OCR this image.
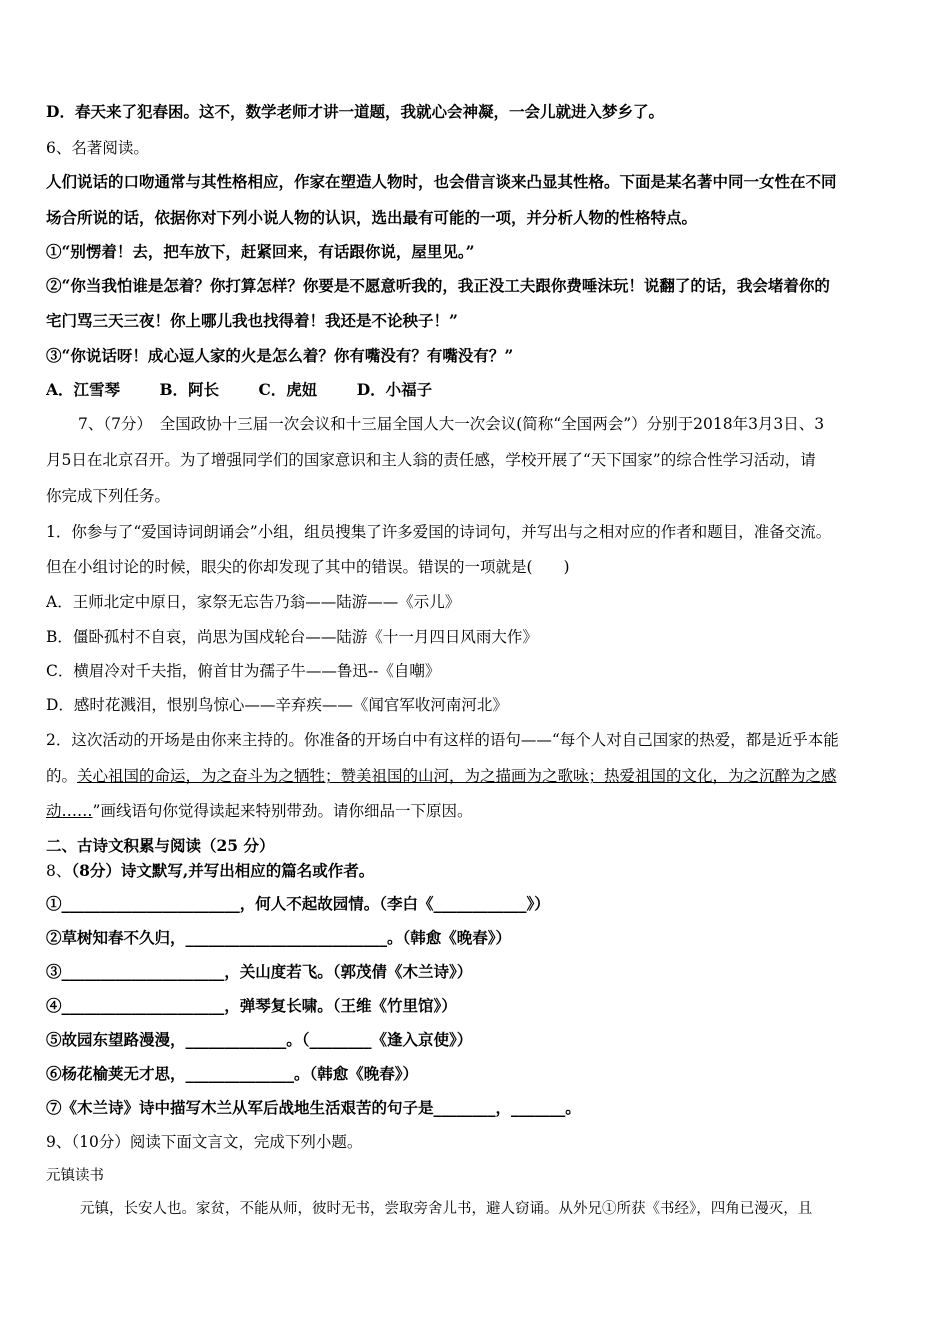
D．春天来了犯春困。这不，数学老师才讲一道题，我就心会神凝，一会儿就进入梦乡了。
6、名著阅读。
人们说话的口吻通常与其性格相应，作家在塑造人物时，也会借言谈来凸显其性格。下面是某名著中同一女性在不同
场合所说的话，依据你对下列小说人物的认识，选出最有可能的一项，并分析人物的性格特点。
①“别愣着！去，把车放下，赶紧回来，有话跟你说，屋里见。”
②“你当我怕谁是怎着？你打算怎样？你要是不愿意听我的，我正没工夫跟你费唾沫玩！说翻了的话，我会堵着你的
宅门骂三天三夜！你上哪儿我也找得着！我还是不论秧子！”
③“你说话呀！成心逗人家的火是怎么着？你有嘴没有？有嘴没有？”
A．江雪琴	B．阿长	C．虎妞	D．小福子
7、（7分）　全国政协十三届一次会议和十三届全国人大一次会议(简称“全国两会”）分别于2018年3月3日、3
月5日在北京召开。为了增强同学们的国家意识和主人翁的责任感，学校开展了“天下国家”的综合性学习活动，请
你完成下列任务。
1．你参与了“爱国诗词朗诵会”小组，组员搜集了许多爱国的诗词句，并写出与之相对应的作者和题目，准备交流。
但在小组讨论的时候，眼尖的你却发现了其中的错误。错误的一项就是(　　)
A．王师北定中原日，家祭无忘告乃翁——陆游——《示儿》
B．僵卧孤村不自哀，尚思为国戍轮台——陆游《十一月四日风雨大作》
C．横眉冷对千夫指，俯首甘为孺子牛——鲁迅--《自嘲》
D．感时花溅泪，恨别鸟惊心——辛弃疾——《闻官军收河南河北》
2．这次活动的开场是由你来主持的。你准备的开场白中有这样的语句——“每个人对自己国家的热爱，都是近乎本能
的。关心祖国的命运，为之奋斗为之牺牲；赞美祖国的山河，为之描画为之歌咏；热爱祖国的文化，为之沉醉为之感
动……”画线语句你觉得读起来特别带劲。请你细品一下原因。
二、古诗文积累与阅读（25 分）
8、（8分）诗文默写,并写出相应的篇名或作者。
①_______________________，何人不起故园情。（李白《____________》）
②草树知春不久归，__________________________。（韩愈《晚春》）
③_____________________，关山度若飞。（郭茂倩《木兰诗》）
④_____________________，弹琴复长啸。（王维《竹里馆》）
⑤故园东望路漫漫，_____________。（________《逢入京使》）
⑥杨花榆荚无才思，______________。（韩愈《晚春》）
⑦《木兰诗》诗中描写木兰从军后战地生活艰苦的句子是________，_______。
9、（10分）阅读下面文言文，完成下列小题。
元镇读书
元镇，长安人也。家贫，不能从师，彼时无书，尝取旁舍儿书，避人窃诵。从外兄①所获《书经》，四角已漫灭，且
